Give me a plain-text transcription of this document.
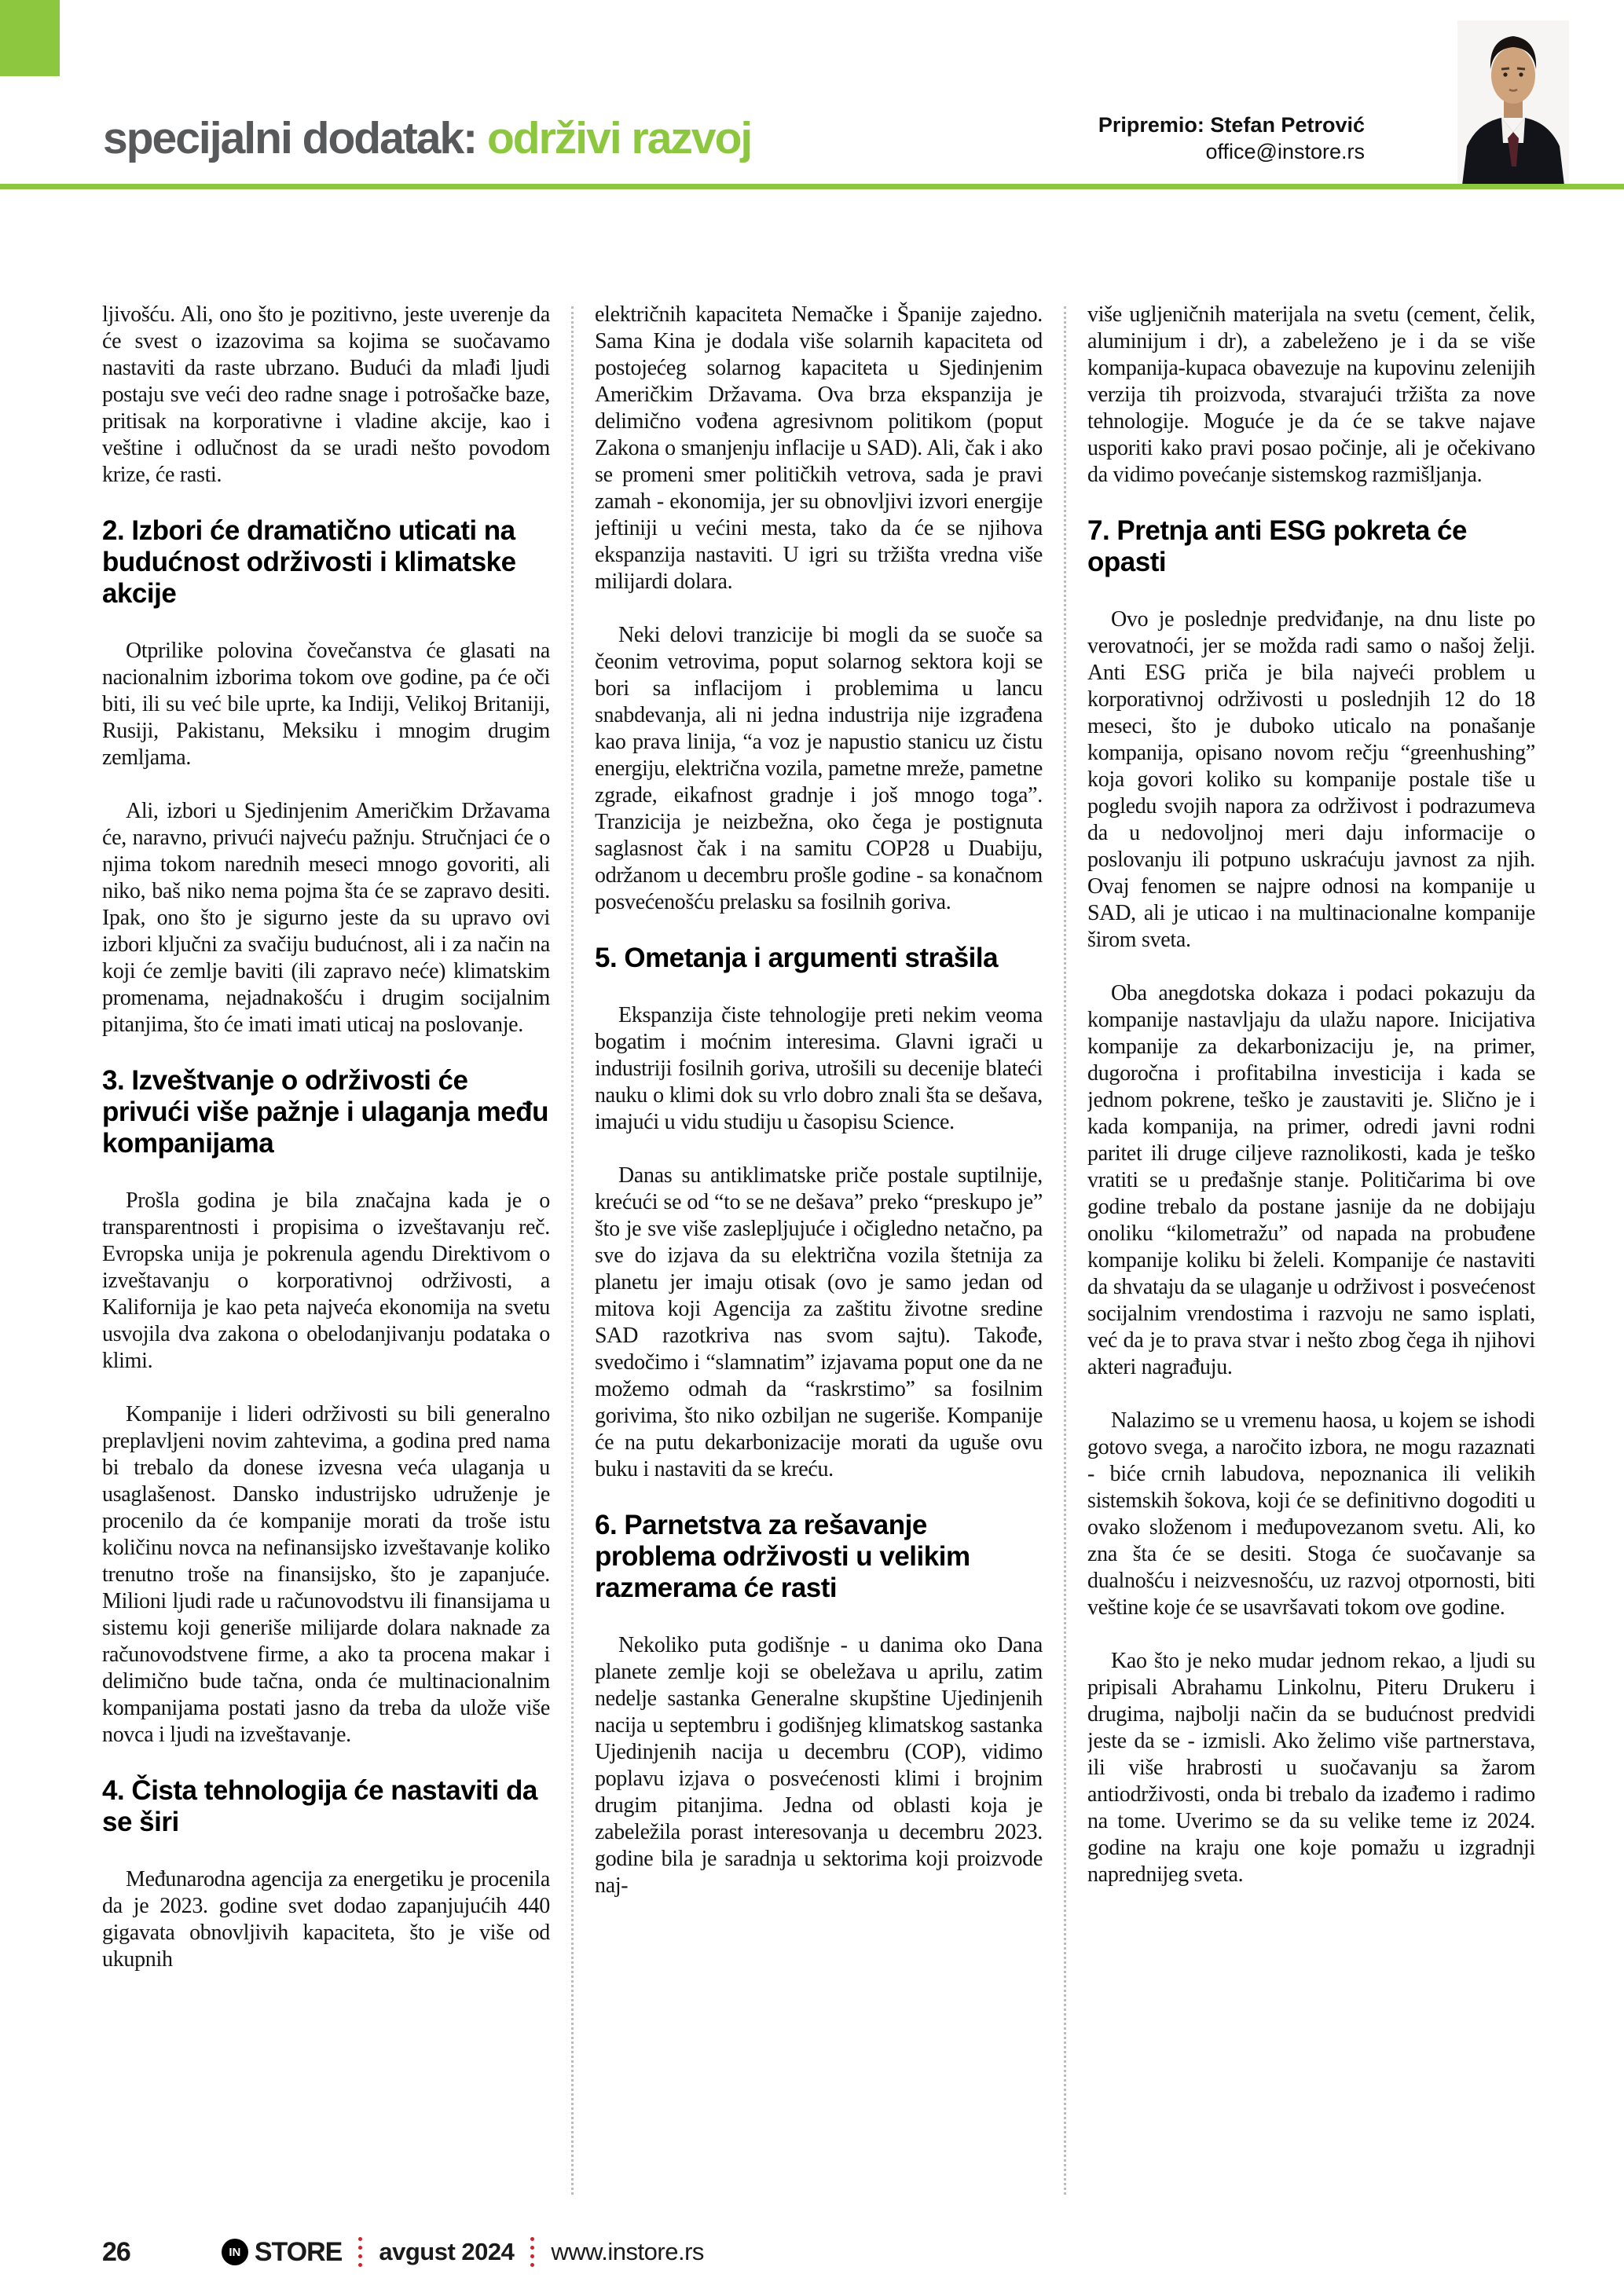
specijalni dodatak: održivi razvoj	Pripremio: Stefan Petrović
office@instore.rs

ljivošću. Ali, ono što je pozitivno, jeste uverenje da će svest o izazovima sa kojima se suočavamo nastaviti da raste ubrzano. Budući da mlađi ljudi postaju sve veći deo radne snage i potrošačke baze, pritisak na korporativne i vladine akcije, kao i veštine i odlučnost da se uradi nešto povodom krize, će rasti.

2. Izbori će dramatično uticati na budućnost održivosti i klimatske akcije

Otprilike polovina čovečanstva će glasati na nacionalnim izborima tokom ove godine, pa će oči biti, ili su već bile uprte, ka Indiji, Velikoj Britaniji, Rusiji, Pakistanu, Meksiku i mnogim drugim zemljama.

Ali, izbori u Sjedinjenim Američkim Državama će, naravno, privući najveću pažnju. Stručnjaci će o njima tokom narednih meseci mnogo govoriti, ali niko, baš niko nema pojma šta će se zapravo desiti. Ipak, ono što je sigurno jeste da su upravo ovi izbori ključni za svačiju budućnost, ali i za način na koji će zemlje baviti (ili zapravo neće) klimatskim promenama, nejadnakošću i drugim socijalnim pitanjima, što će imati imati uticaj na poslovanje.

3. Izveštvanje o održivosti će privući više pažnje i ulaganja među kompanijama

Prošla godina je bila značajna kada je o transparentnosti i propisima o izveštavanju reč. Evropska unija je pokrenula agendu Direktivom o izveštavanju o korporativnoj održivosti, a Kalifornija je kao peta najveća ekonomija na svetu usvojila dva zakona o obelodanjivanju podataka o klimi.

Kompanije i lideri održivosti su bili generalno preplavljeni novim zahtevima, a godina pred nama bi trebalo da donese izvesna veća ulaganja u usaglašenost. Dansko industrijsko udruženje je procenilo da će kompanije morati da troše istu količinu novca na nefinansijsko izveštavanje koliko trenutno troše na finansijsko, što je zapanjuće. Milioni ljudi rade u računovodstvu ili finansijama u sistemu koji generiše milijarde dolara naknade za računovodstvene firme, a ako ta procena makar i delimično bude tačna, onda će multinacionalnim kompanijama postati jasno da treba da ulože više novca i ljudi na izveštavanje.

4. Čista tehnologija će nastaviti da se širi

Međunarodna agencija za energetiku je procenila da je 2023. godine svet dodao zapanjujućih 440 gigavata obnovljivih kapaciteta, što je više od ukupnih

električnih kapaciteta Nemačke i Španije zajedno. Sama Kina je dodala više solarnih kapaciteta od postojećeg solarnog kapaciteta u Sjedinjenim Američkim Državama. Ova brza ekspanzija je delimično vođena agresivnom politikom (poput Zakona o smanjenju inflacije u SAD). Ali, čak i ako se promeni smer političkih vetrova, sada je pravi zamah - ekonomija, jer su obnovljivi izvori energije jeftiniji u većini mesta, tako da će se njihova ekspanzija nastaviti. U igri su tržišta vredna više milijardi dolara.

Neki delovi tranzicije bi mogli da se suoče sa čeonim vetrovima, poput solarnog sektora koji se bori sa inflacijom i problemima u lancu snabdevanja, ali ni jedna industrija nije izgrađena kao prava linija, “a voz je napustio stanicu uz čistu energiju, električna vozila, pametne mreže, pametne zgrade, eikafnost gradnje i još mnogo toga”. Tranzicija je neizbežna, oko čega je postignuta saglasnost čak i na samitu COP28 u Duabiju, održanom u decembru prošle godine - sa konačnom posvećenošću prelasku sa fosilnih goriva.

5. Ometanja i argumenti strašila

Ekspanzija čiste tehnologije preti nekim veoma bogatim i moćnim interesima. Glavni igrači u industriji fosilnih goriva, utrošili su decenije blateći nauku o klimi dok su vrlo dobro znali šta se dešava, imajući u vidu studiju u časopisu Science.

Danas su antiklimatske priče postale suptilnije, krećući se od “to se ne dešava” preko “preskupo je” što je sve više zaslepljujuće i očigledno netačno, pa sve do izjava da su električna vozila štetnija za planetu jer imaju otisak (ovo je samo jedan od mitova koji Agencija za zaštitu životne sredine SAD razotkriva nas svom sajtu). Takođe, svedočimo i “slamnatim” izjavama poput one da ne možemo odmah da “raskrstimo” sa fosilnim gorivima, što niko ozbiljan ne sugeriše. Kompanije će na putu dekarbonizacije morati da uguše ovu buku i nastaviti da se kreću.

6. Parnetstva za rešavanje problema održivosti u velikim razmerama će rasti

Nekoliko puta godišnje - u danima oko Dana planete zemlje koji se obeležava u aprilu, zatim nedelje sastanka Generalne skupštine Ujedinjenih nacija u septembru i godišnjeg klimatskog sastanka Ujedinjenih nacija u decembru (COP), vidimo poplavu izjava o posvećenosti klimi i brojnim drugim pitanjima. Jedna od oblasti koja je zabeležila porast interesovanja u decembru 2023. godine bila je saradnja u sektorima koji proizvode naj-

više ugljeničnih materijala na svetu (cement, čelik, aluminijum i dr), a zabeleženo je i da se više kompanija-kupaca obavezuje na kupovinu zelenijih verzija tih proizvoda, stvarajući tržišta za nove tehnologije. Moguće je da će se takve najave usporiti kako pravi posao počinje, ali je očekivano da vidimo povećanje sistemskog razmišljanja.

7. Pretnja anti ESG pokreta će opasti

Ovo je poslednje predviđanje, na dnu liste po verovatnoći, jer se možda radi samo o našoj želji. Anti ESG priča je bila najveći problem u korporativnoj održivosti u poslednjih 12 do 18 meseci, što je duboko uticalo na ponašanje kompanija, opisano novom rečju “greenhushing” koja govori koliko su kompanije postale tiše u pogledu svojih napora za održivost i podrazumeva da u nedovoljnoj meri daju informacije o poslovanju ili potpuno uskraćuju javnost za njih. Ovaj fenomen se najpre odnosi na kompanije u SAD, ali je uticao i na multinacionalne kompanije širom sveta.

Oba anegdotska dokaza i podaci pokazuju da kompanije nastavljaju da ulažu napore. Inicijativa kompanije za dekarbonizaciju je, na primer, dugoročna i profitabilna investicija i kada se jednom pokrene, teško je zaustaviti je. Slično je i kada kompanija, na primer, odredi javni rodni paritet ili druge ciljeve raznolikosti, kada je teško vratiti se u pređašnje stanje. Političarima bi ove godine trebalo da postane jasnije da ne dobijaju onoliku “kilometražu” od napada na probuđene kompanije koliku bi želeli. Kompanije će nastaviti da shvataju da se ulaganje u održivost i posvećenost socijalnim vrendostima i razvoju ne samo isplati, već da je to prava stvar i nešto zbog čega ih njihovi akteri nagrađuju.

Nalazimo se u vremenu haosa, u kojem se ishodi gotovo svega, a naročito izbora, ne mogu razaznati - biće crnih labudova, nepoznanica ili velikih sistemskih šokova, koji će se definitivno dogoditi u ovako složenom i međupovezanom svetu. Ali, ko zna šta će se desiti. Stoga će suočavanje sa dualnošću i neizvesnošću, uz razvoj otpornosti, biti veštine koje će se usavršavati tokom ove godine.

Kao što je neko mudar jednom rekao, a ljudi su pripisali Abrahamu Linkolnu, Piteru Drukeru i drugima, najbolji način da se budućnost predvidi jeste da se - izmisli. Ako želimo više partnerstava, ili više hrabrosti u suočavanju sa žarom antiodrživosti, onda bi trebalo da izađemo i radimo na tome. Uverimo se da su velike teme iz 2024. godine na kraju one koje pomažu u izgradnji naprednijeg sveta.

26	IN STORE avgust 2024 www.instore.rs
